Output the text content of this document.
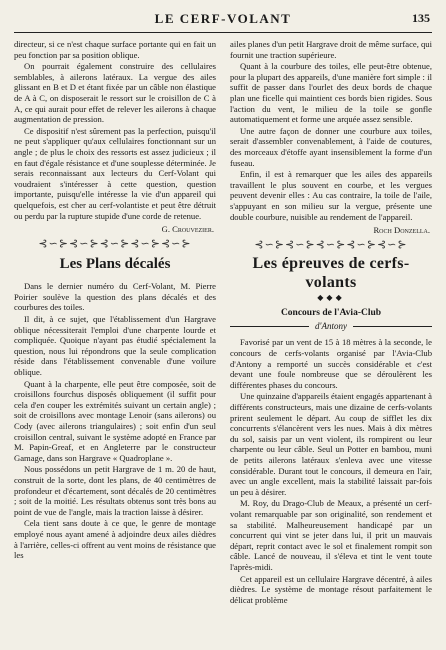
LE CERF-VOLANT	135

directeur, si ce n'est chaque surface portante qui en fait un peu fonction par sa position oblique.

On pourrait également construire des cellulaires semblables, à ailerons latéraux. La vergue des ailes glissant en B et D et étant fixée par un câble non élastique de A à C, on disposerait le ressort sur le croisillon de C à A, ce qui aurait pour effet de relever les ailerons à chaque augmentation de pression.

Ce dispositif n'est sûrement pas la perfection, puisqu'il ne peut s'appliquer qu'aux cellulaires fonctionnant sur un angle ; de plus le choix des ressorts est assez judicieux ; il en faut d'égale résistance et d'une souplesse déterminée. Je serais reconnaissant aux lecteurs du Cerf-Volant qui voudraient s'intéresser à cette question, question importante, puisqu'elle intéresse la vie d'un appareil qui quelquefois, est cher au cerf-volantiste et peut être détruit ou perdu par la rupture stupide d'une corde de retenue.

G. Crouvezier.
⊰∽⊱⊰∽⊱⊰∽⊱⊰∽⊱⊰∽⊱
Les Plans décalés

Dans le dernier numéro du Cerf-Volant, M. Pierre Poirier soulève la question des plans décalés et des courbures des toiles.

Il dit, à ce sujet, que l'établissement d'un Hargrave oblique nécessiterait l'emploi d'une charpente lourde et compliquée. Quoique n'ayant pas étudié spécialement la question, nous lui répondrons que la seule complication réside dans l'établissement convenable d'une voilure oblique.

Quant à la charpente, elle peut être composée, soit de croisillons fourchus disposés obliquement (il suffit pour cela d'en couper les extrémités suivant un certain angle) ; soit de croisillons avec montage Lenoir (sans ailerons) ou Cody (avec ailerons triangulaires) ; soit enfin d'un seul croisillon central, suivant le système adopté en France par M. Papin-Greaf, et en Angleterre par le constructeur Gamage, dans son Hargrave « Quadroplane ».

Nous possédons un petit Hargrave de 1 m. 20 de haut, construit de la sorte, dont les plans, de 40 centimètres de profondeur et d'écartement, sont décalés de 20 centimètres ; soit de la moitié. Les résultats obtenus sont très bons au point de vue de l'angle, mais la traction laisse à désirer.

Cela tient sans doute à ce que, le genre de montage employé nous ayant amené à adjoindre deux ailes dièdres à l'arrière, celles-ci offrent au vent moins de résistance que les

ailes planes d'un petit Hargrave droit de même surface, qui fournit une traction supérieure.

Quant à la courbure des toiles, elle peut-être obtenue, pour la plupart des appareils, d'une manière fort simple : il suffit de passer dans l'ourlet des deux bords de chaque plan une ficelle qui maintient ces bords bien rigides. Sous l'action du vent, le milieu de la toile se gonfle automatiquement et forme une arquée assez sensible.

Une autre façon de donner une courbure aux toiles, serait d'assembler convenablement, à l'aide de coutures, des morceaux d'étoffe ayant insensiblement la forme d'un fuseau.

Enfin, il est à remarquer que les ailes des appareils travaillent le plus souvent en courbe, et les vergues peuvent devenir elles : Au cas contraire, la toile de l'aile, s'appuyant en son milieu sur la vergue, présente une double courbure, nuisible au rendement de l'appareil.

Roch Donzella.
⊰∽⊱⊰∽⊱⊰∽⊱⊰∽⊱⊰∽⊱
Les épreuves de cerfs-volants
◆◆◆
Concours de l'Avia-Club
d'Antony

Favorisé par un vent de 15 à 18 mètres à la seconde, le concours de cerfs-volants organisé par l'Avia-Club d'Antony a remporté un succès considérable et c'est devant une foule nombreuse que se déroulèrent les différentes phases du concours.

Une quinzaine d'appareils étaient engagés appartenant à différents constructeurs, mais une dizaine de cerfs-volants prirent seulement le départ. Au coup de sifflet les dix concurrents s'élancèrent vers les nues. Mais à dix mètres du sol, saisis par un vent violent, ils rompirent ou leur charpente ou leur câble. Seul un Potter en bambou, muni de petits ailerons latéraux s'enleva avec une vitesse considérable. Durant tout le concours, il demeura en l'air, avec un angle excellent, mais la stabilité laissait par-fois un peu à désirer.

M. Roy, du Drago-Club de Meaux, a présenté un cerf-volant remarquable par son originalité, son rendement et sa stabilité. Malheureusement handicapé par un concurrent qui vint se jeter dans lui, il prit un mauvais départ, reprit contact avec le sol et finalement rompit son câble. Lancé de nouveau, il s'éleva et tint le vent toute l'après-midi.

Cet appareil est un cellulaire Hargrave décentré, à ailes dièdres. Le système de montage résout parfaitement le délicat problème
